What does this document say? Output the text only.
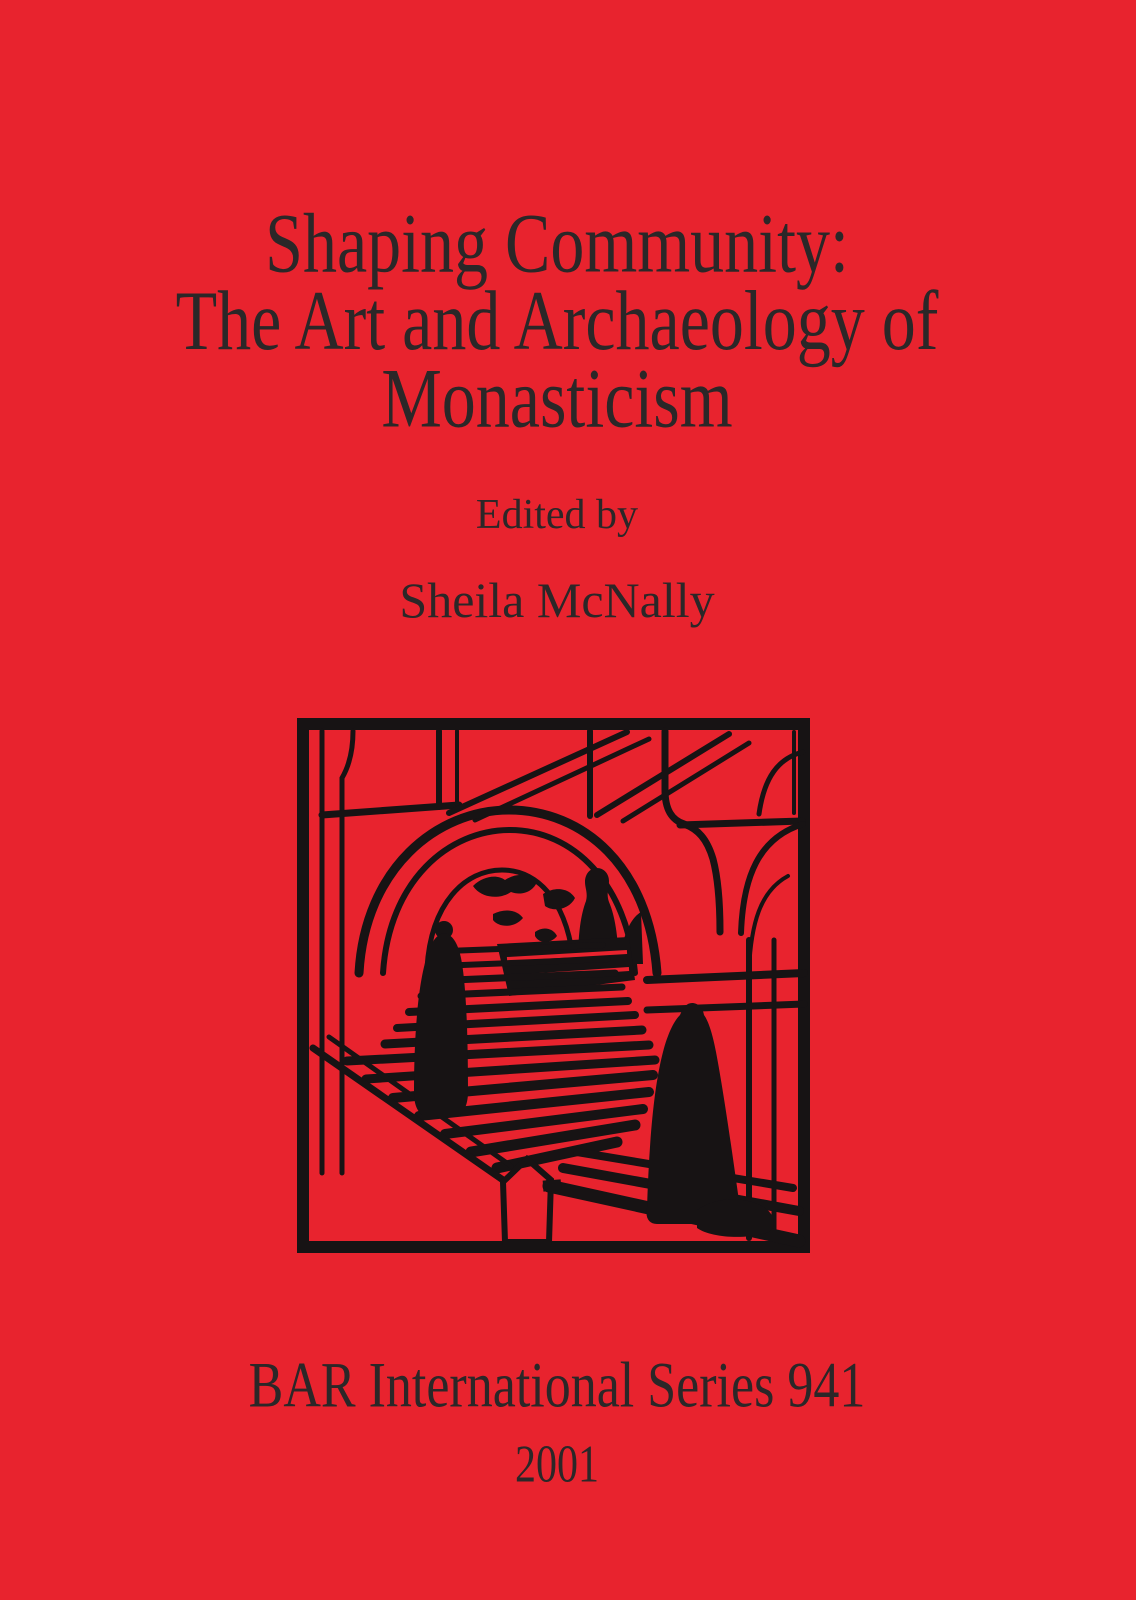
Shaping Community:
The Art and Archaeology of
Monasticism
Edited by
Sheila McNally
BAR International Series 941
2001
